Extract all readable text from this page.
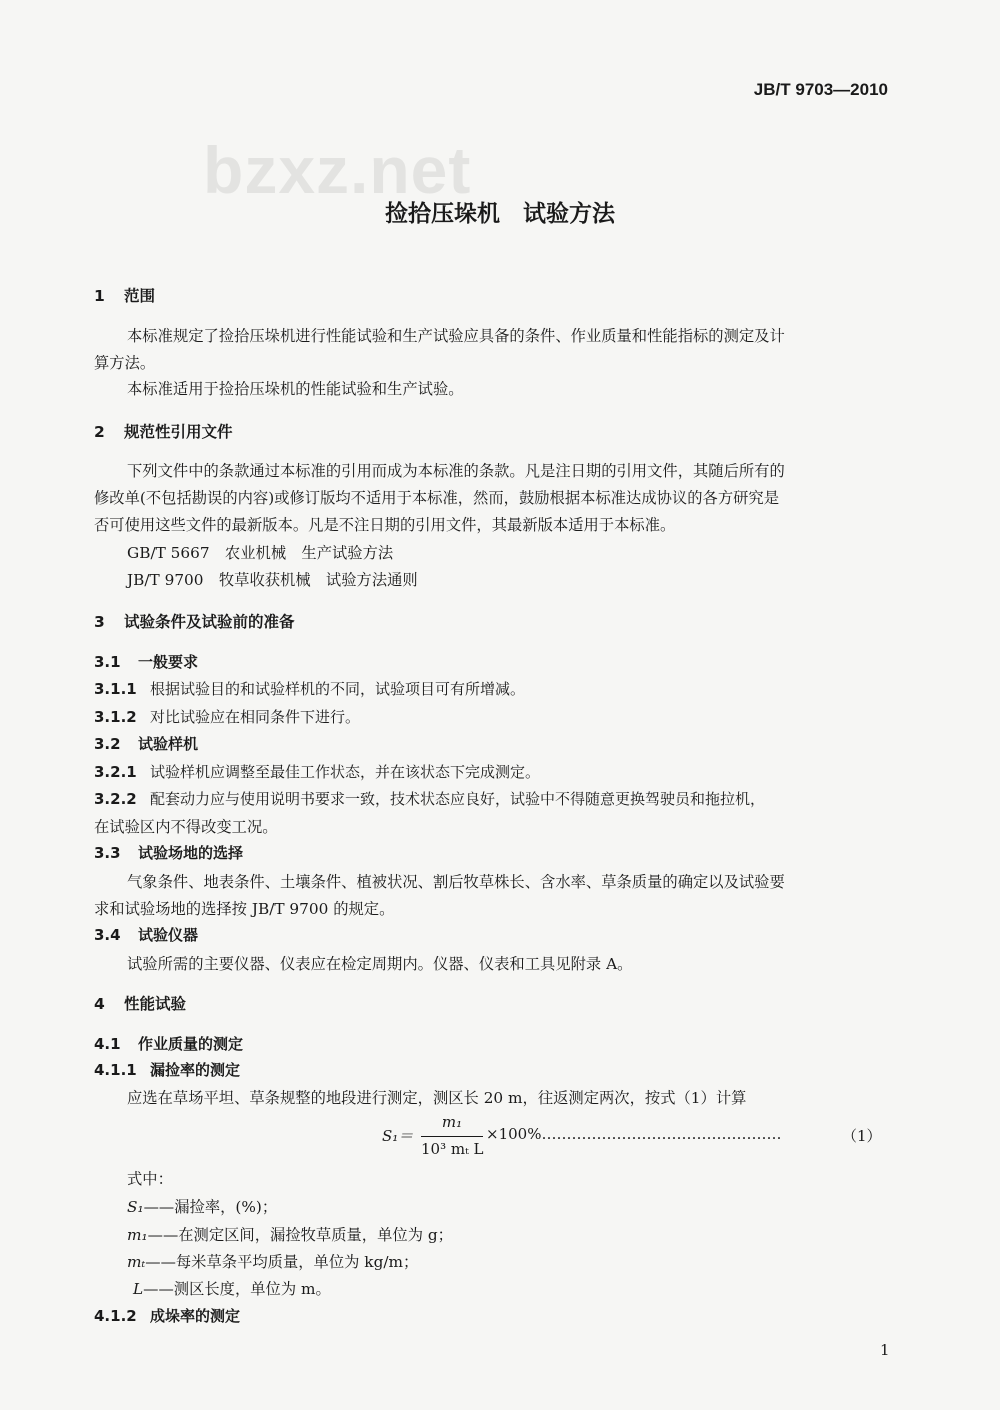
bzxz.net
JB/T 9703—2010
捡拾压垛机　试验方法
1 范围
本标准规定了捡拾压垛机进行性能试验和生产试验应具备的条件、作业质量和性能指标的测定及计
算方法。
本标准适用于捡拾压垛机的性能试验和生产试验。
2 规范性引用文件
下列文件中的条款通过本标准的引用而成为本标准的条款。凡是注日期的引用文件，其随后所有的
修改单(不包括勘误的内容)或修订版均不适用于本标准，然而，鼓励根据本标准达成协议的各方研究是
否可使用这些文件的最新版本。凡是不注日期的引用文件，其最新版本适用于本标准。
GB/T 5667　 农业机械　生产试验方法
JB/T 9700　 牧草收获机械　试验方法通则
3 试验条件及试验前的准备
3.1 一般要求
3.1.1 根据试验目的和试验样机的不同，试验项目可有所增减。
3.1.2 对比试验应在相同条件下进行。
3.2 试验样机
3.2.1 试验样机应调整至最佳工作状态，并在该状态下完成测定。
3.2.2 配套动力应与使用说明书要求一致，技术状态应良好，试验中不得随意更换驾驶员和拖拉机，
在试验区内不得改变工况。
3.3 试验场地的选择
气象条件、地表条件、土壤条件、植被状况、割后牧草株长、含水率、草条质量的确定以及试验要
求和试验场地的选择按 JB/T 9700 的规定。
3.4 试验仪器
试验所需的主要仪器、仪表应在检定周期内。仪器、仪表和工具见附录 A。
4 性能试验
4.1 作业质量的测定
4.1.1 漏捡率的测定
应选在草场平坦、草条规整的地段进行测定，测区长 20 m，往返测定两次，按式（1）计算
S₁＝
m₁
10³ mₜ L
×100%…………………………………………	（1）
式中：
S₁——漏捡率，(%)；
m₁——在测定区间，漏捡牧草质量，单位为 g；
mₜ——每米草条平均质量，单位为 kg/m；
L——测区长度，单位为 m。
4.1.2 成垛率的测定
1
